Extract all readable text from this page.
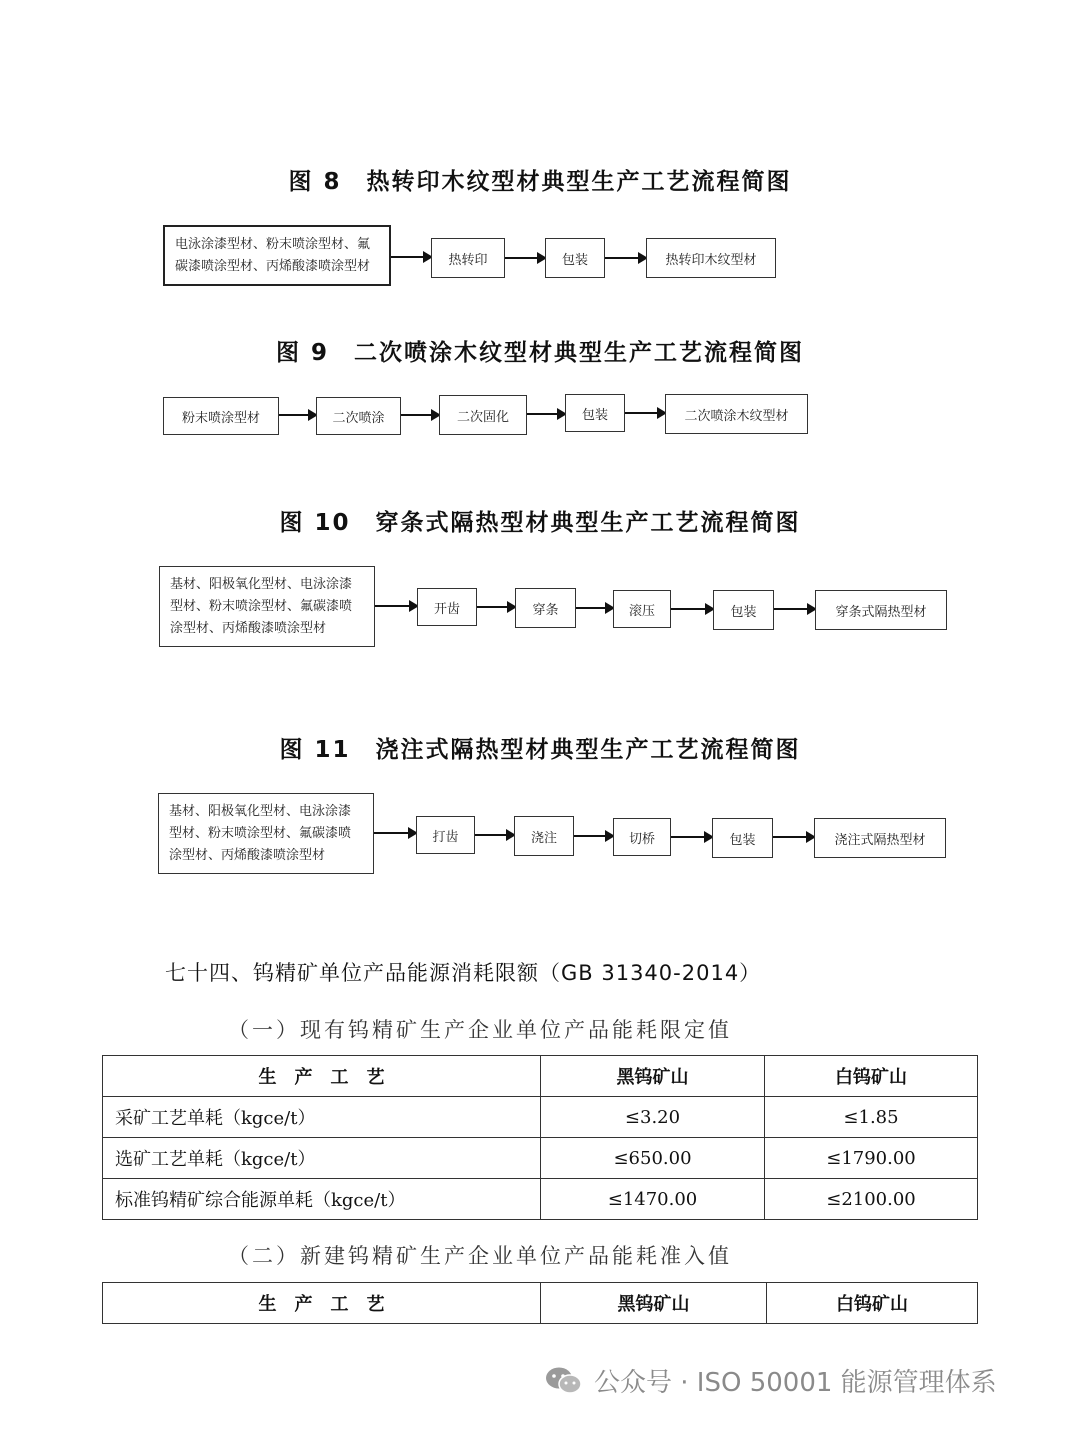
图 8　热转印木纹型材典型生产工艺流程简图
电泳涂漆型材、粉末喷涂型材、氟碳漆喷涂型材、丙烯酸漆喷涂型材	热转印	包装	热转印木纹型材
图 9　二次喷涂木纹型材典型生产工艺流程简图
粉末喷涂型材	二次喷涂	二次固化	包装	二次喷涂木纹型材
图 10　穿条式隔热型材典型生产工艺流程简图
基材、阳极氧化型材、电泳涂漆型材、粉末喷涂型材、氟碳漆喷涂型材、丙烯酸漆喷涂型材
开齿	穿条	滚压	包装	穿条式隔热型材
图 11　浇注式隔热型材典型生产工艺流程简图
基材、阳极氧化型材、电泳涂漆型材、粉末喷涂型材、氟碳漆喷涂型材、丙烯酸漆喷涂型材
打齿	浇注	切桥	包装	浇注式隔热型材
七十四、钨精矿单位产品能源消耗限额（GB 31340-2014）
（一）现有钨精矿生产企业单位产品能耗限定值
生　产　工　艺	黑钨矿山	白钨矿山
采矿工艺单耗（kgce/t）	≤3.20	≤1.85
选矿工艺单耗（kgce/t）	≤650.00	≤1790.00
标准钨精矿综合能源单耗（kgce/t）	≤1470.00	≤2100.00
（二）新建钨精矿生产企业单位产品能耗准入值
生　产　工　艺	黑钨矿山	白钨矿山
公众号 · ISO 50001 能源管理体系
